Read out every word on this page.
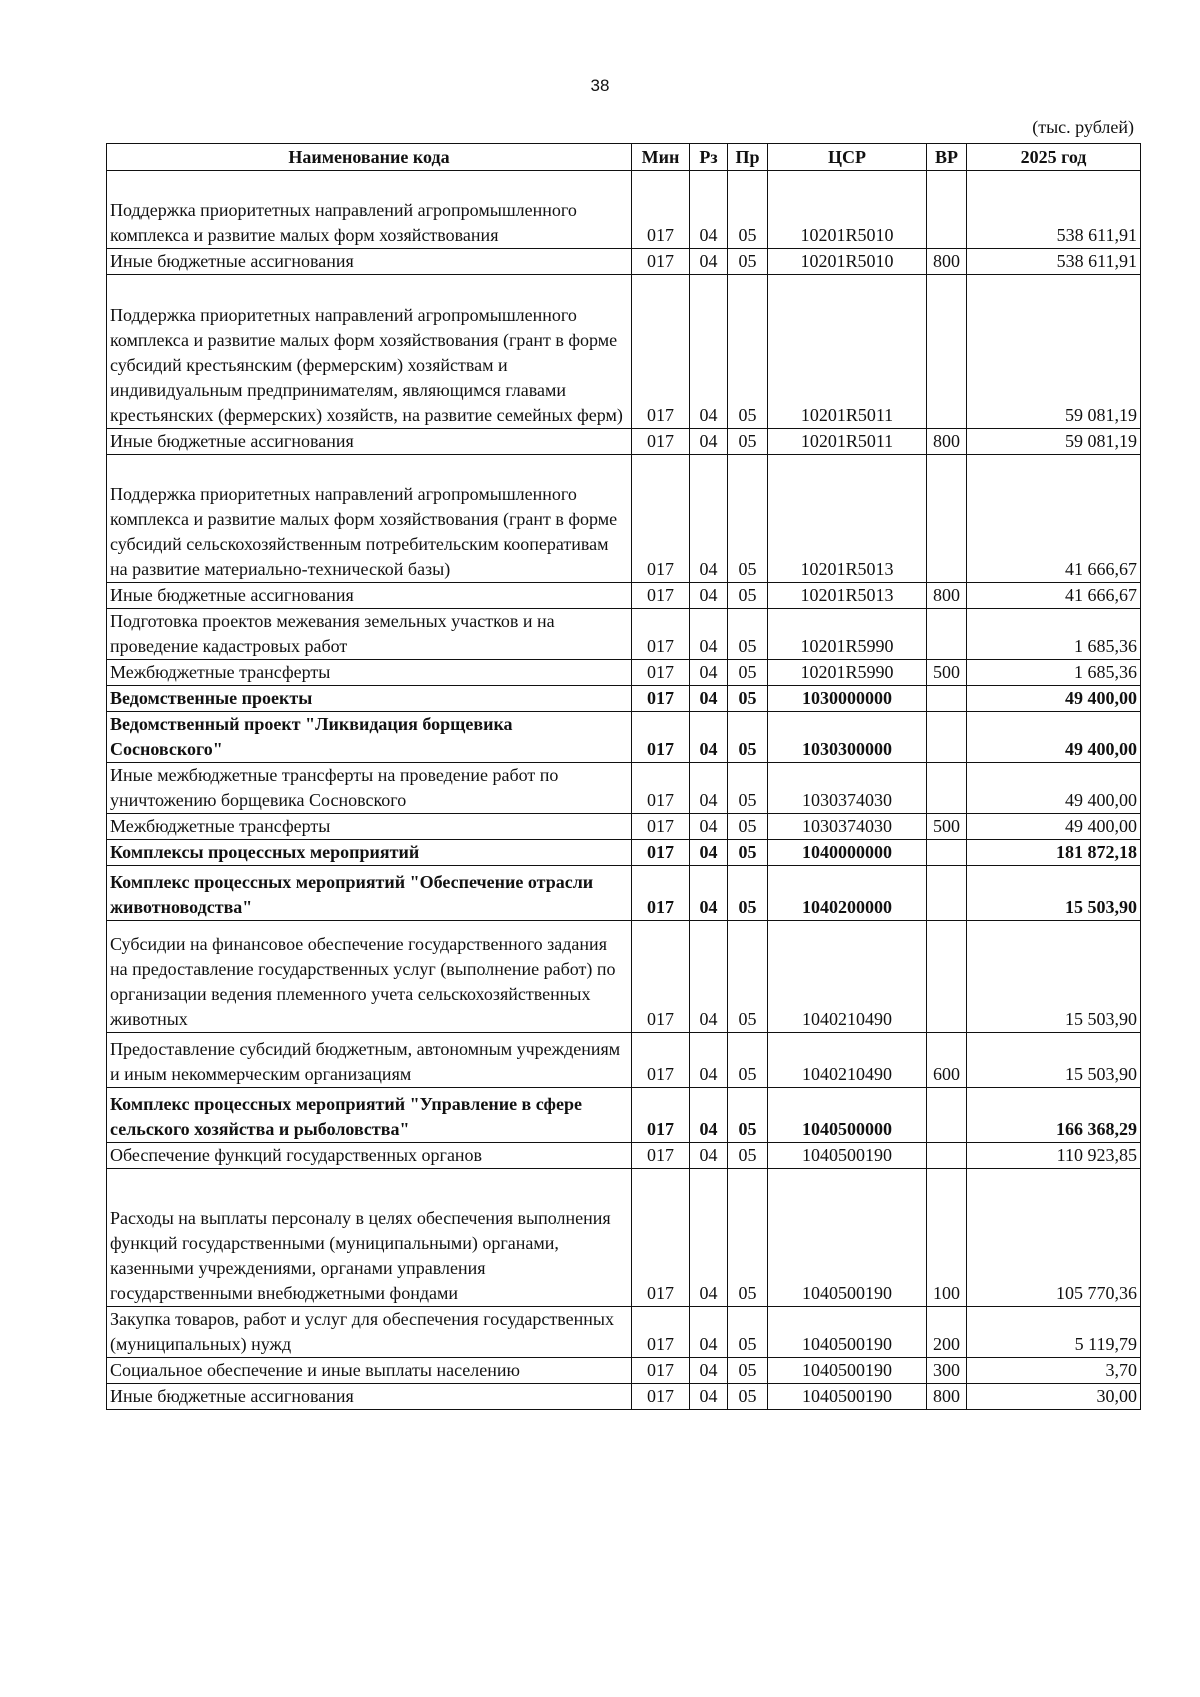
38
(тыс. рублей)
Наименование кода	Мин	Рз	Пр	ЦСР	ВР	2025 год
Поддержка приоритетных направлений агропромышленного комплекса и развитие малых форм хозяйствования	017	04	05	10201R5010		538 611,91
Иные бюджетные ассигнования	017	04	05	10201R5010	800	538 611,91
Поддержка приоритетных направлений агропромышленного комплекса и развитие малых форм хозяйствования (грант в форме субсидий крестьянским (фермерским) хозяйствам и индивидуальным предпринимателям, являющимся главами крестьянских (фермерских) хозяйств, на развитие семейных ферм)	017	04	05	10201R5011		59 081,19
Иные бюджетные ассигнования	017	04	05	10201R5011	800	59 081,19
Поддержка приоритетных направлений агропромышленного комплекса и развитие малых форм хозяйствования (грант в форме субсидий сельскохозяйственным потребительским кооперативам на развитие материально-технической базы)	017	04	05	10201R5013		41 666,67
Иные бюджетные ассигнования	017	04	05	10201R5013	800	41 666,67
Подготовка проектов межевания земельных участков и на проведение кадастровых работ	017	04	05	10201R5990		1 685,36
Межбюджетные трансферты	017	04	05	10201R5990	500	1 685,36
Ведомственные проекты	017	04	05	1030000000		49 400,00
Ведомственный проект "Ликвидация борщевика Сосновского"	017	04	05	1030300000		49 400,00
Иные межбюджетные трансферты на проведение работ по уничтожению борщевика Сосновского	017	04	05	1030374030		49 400,00
Межбюджетные трансферты	017	04	05	1030374030	500	49 400,00
Комплексы процессных мероприятий	017	04	05	1040000000		181 872,18
Комплекс процессных мероприятий "Обеспечение отрасли животноводства"	017	04	05	1040200000		15 503,90
Субсидии на финансовое обеспечение государственного задания на предоставление государственных услуг (выполнение работ) по организации ведения племенного учета сельскохозяйственных животных	017	04	05	1040210490		15 503,90
Предоставление субсидий бюджетным, автономным учреждениям и иным некоммерческим организациям	017	04	05	1040210490	600	15 503,90
Комплекс процессных мероприятий "Управление в сфере сельского хозяйства и рыболовства"	017	04	05	1040500000		166 368,29
Обеспечение функций государственных органов	017	04	05	1040500190		110 923,85
Расходы на выплаты персоналу в целях обеспечения выполнения функций государственными (муниципальными) органами, казенными учреждениями, органами управления государственными внебюджетными фондами	017	04	05	1040500190	100	105 770,36
Закупка товаров, работ и услуг для обеспечения государственных (муниципальных) нужд	017	04	05	1040500190	200	5 119,79
Социальное обеспечение и иные выплаты населению	017	04	05	1040500190	300	3,70
Иные бюджетные ассигнования	017	04	05	1040500190	800	30,00
